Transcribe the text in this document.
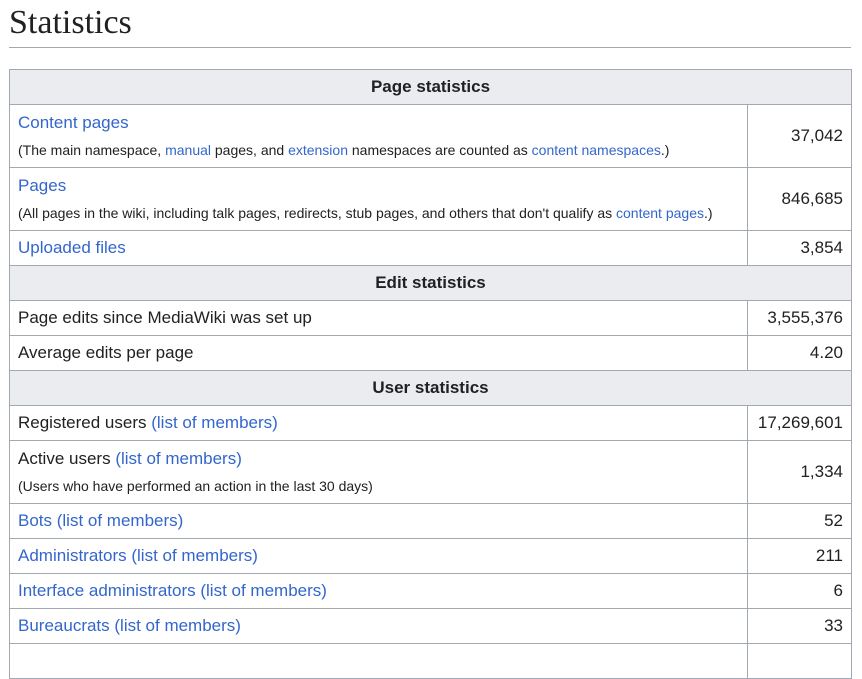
Statistics
Page statistics	

Content pages
(The main namespace, manual pages, and extension namespaces are counted as content namespaces.)	37,042

Pages
(All pages in the wiki, including talk pages, redirects, stub pages, and others that don't qualify as content pages.)	846,685
Uploaded files	3,854
Edit statistics	
Page edits since MediaWiki was set up	3,555,376
Average edits per page	4.20
User statistics	
Registered users (list of members)	17,269,601

Active users (list of members)
(Users who have performed an action in the last 30 days)	1,334
Bots (list of members)	52
Administrators (list of members)	211
Interface administrators (list of members)	6
Bureaucrats (list of members)	33
